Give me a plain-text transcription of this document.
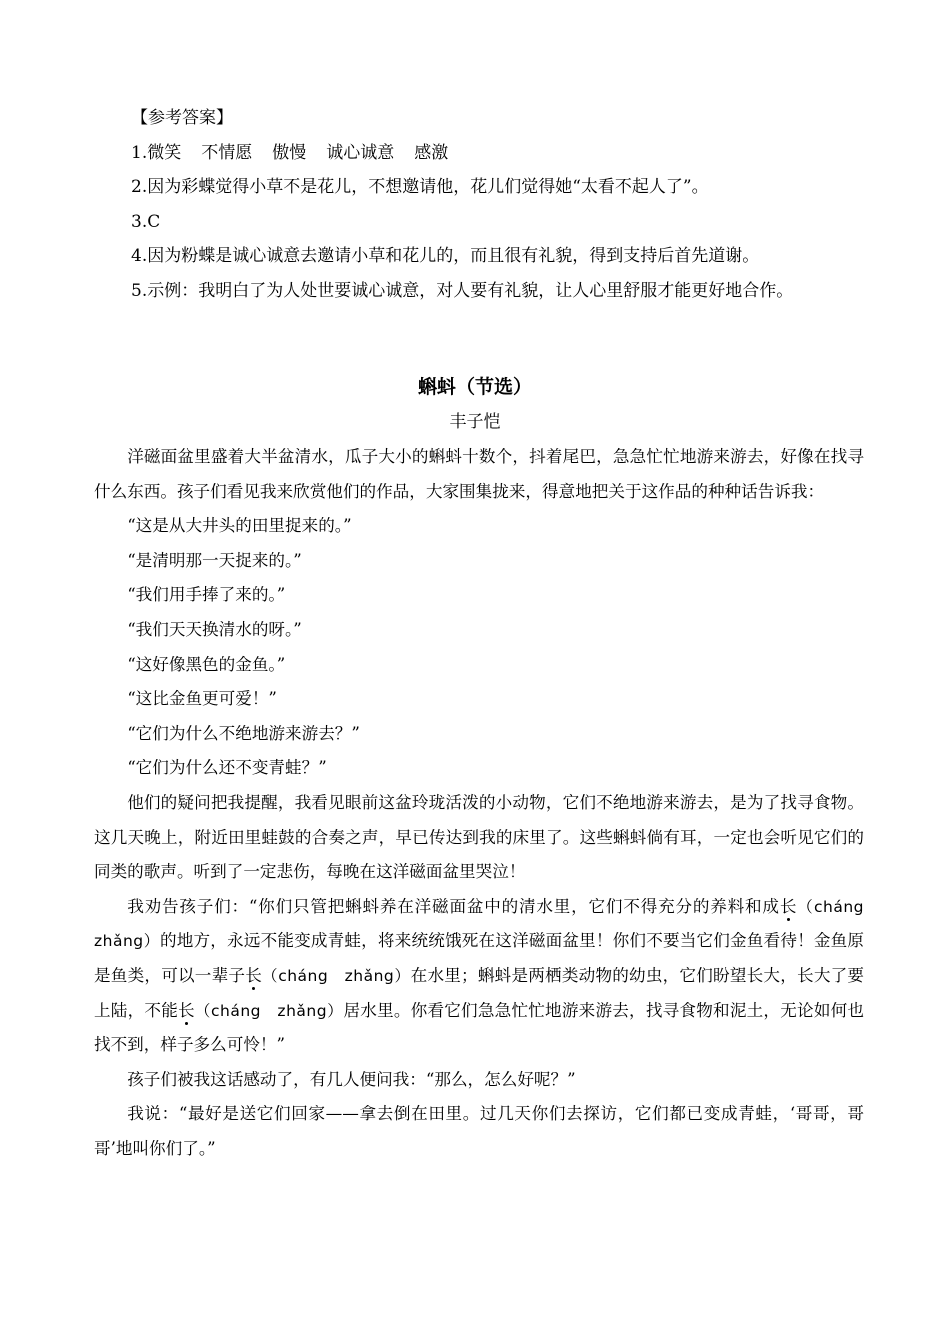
【参考答案】
1.微笑 不情愿 傲慢 诚心诚意 感激
2.因为彩蝶觉得小草不是花儿，不想邀请他，花儿们觉得她“太看不起人了”。
3.C
4.因为粉蝶是诚心诚意去邀请小草和花儿的，而且很有礼貌，得到支持后首先道谢。
5.示例：我明白了为人处世要诚心诚意，对人要有礼貌，让人心里舒服才能更好地合作。
蝌蚪（节选）
丰子恺

洋磁面盆里盛着大半盆清水，瓜子大小的蝌蚪十数个，抖着尾巴，急急忙忙地游来游去，好像在找寻什么东西。孩子们看见我来欣赏他们的作品，大家围集拢来，得意地把关于这作品的种种话告诉我：

“这是从大井头的田里捉来的。”

“是清明那一天捉来的。”

“我们用手捧了来的。”

“我们天天换清水的呀。”

“这好像黑色的金鱼。”

“这比金鱼更可爱！”

“它们为什么不绝地游来游去？”

“它们为什么还不变青蛙？”

他们的疑问把我提醒，我看见眼前这盆玲珑活泼的小动物，它们不绝地游来游去，是为了找寻食物。这几天晚上，附近田里蛙鼓的合奏之声，早已传达到我的床里了。这些蝌蚪倘有耳，一定也会听见它们的同类的歌声。听到了一定悲伤，每晚在这洋磁面盆里哭泣！

我劝告孩子们：“你们只管把蝌蚪养在洋磁面盆中的清水里，它们不得充分的养料和成长（cháng　zhǎng）的地方，永远不能变成青蛙，将来统统饿死在这洋磁面盆里！你们不要当它们金鱼看待！金鱼原是鱼类，可以一辈子长（cháng　zhǎng）在水里；蝌蚪是两栖类动物的幼虫，它们盼望长大，长大了要上陆，不能长（cháng　zhǎng）居水里。你看它们急急忙忙地游来游去，找寻食物和泥土，无论如何也找不到，样子多么可怜！”

孩子们被我这话感动了，有几人便问我：“那么，怎么好呢？”

我说：“最好是送它们回家——拿去倒在田里。过几天你们去探访，它们都已变成青蛙，‘哥哥，哥哥’地叫你们了。”
